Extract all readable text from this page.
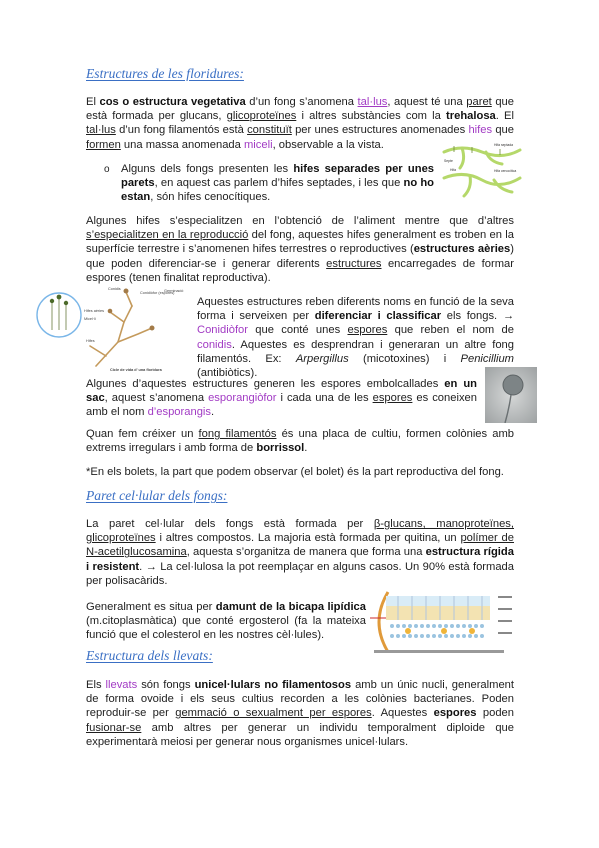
Estructures de les floridures:

El cos o estructura vegetativa d’un fong s’anomena tal·lus, aquest té una paret que està formada per glucans, glicoproteïnes i altres substàncies com la trehalosa. El tal·lus d’un fong filamentós està constituït per unes estructures anomenades hifes que formen una massa anomenada miceli, observable a la vista.

o Alguns dels fongs presenten les hifes separades per unes parets, en aquest cas parlem d’hifes septades, i les que no ho estan, són hifes cenocítiques.

Hifa septada
Septe
Hifa	Hifa cenocítica

Algunes hifes s’especialitzen en l’obtenció de l’aliment mentre que d’altres s’especialitzen en la reproducció del fong, aquestes hifes generalment es troben en la superfície terrestre i s’anomenen hifes terrestres o reproductives (estructures aèries) que poden diferenciar-se i generar diferents estructures encarregades de formar espores (tenen finalitat reproductiva).

Conidis
Conidiòfor (espores)
Germinació
Hifes aèries
Micel·li
Hifes
Cicle de vida d' una floridura

Aquestes estructures reben diferents noms en funció de la seva forma i serveixen per diferenciar i classificar els fongs. → Conidiòfor que conté unes espores que reben el nom de conidis. Aquestes es desprendran i generaran un altre fong filamentós. Ex: Arpergillus (micotoxines) i Penicillium (antibiòtics).

Algunes d’aquestes estructures generen les espores embolcallades en un sac, aquest s’anomena esporangiòfor i cada una de les espores es coneixen amb el nom d’esporangis.

Quan fem créixer un fong filamentós és una placa de cultiu, formen colònies amb extrems irregulars i amb forma de borrissol.

*En els bolets, la part que podem observar (el bolet) és la part reproductiva del fong.

Paret cel·lular dels fongs:

La paret cel·lular dels fongs està formada per β-glucans, manoproteïnes, glicoproteïnes i altres compostos. La majoria està formada per quitina, un polímer de N-acetilglucosamina, aquesta s’organitza de manera que forma una estructura rígida i resistent. → La cel·lulosa la pot reemplaçar en alguns casos. Un 90% està formada per polisacàrids.

Generalment es situa per damunt de la bicapa lipídica (m.citoplasmàtica) que conté ergosterol (fa la mateixa funció que el colesterol en les nostres cèl·lules).

Estructura dels llevats:

Els llevats són fongs unicel·lulars no filamentosos amb un únic nucli, generalment de forma ovoide i els seus cultius recorden a les colònies bacterianes. Poden reproduir-se per gemmació o sexualment per espores. Aquestes espores poden fusionar-se amb altres per generar un individu temporalment diploide que experimentarà meiosi per generar nous organismes unicel·lulars.
